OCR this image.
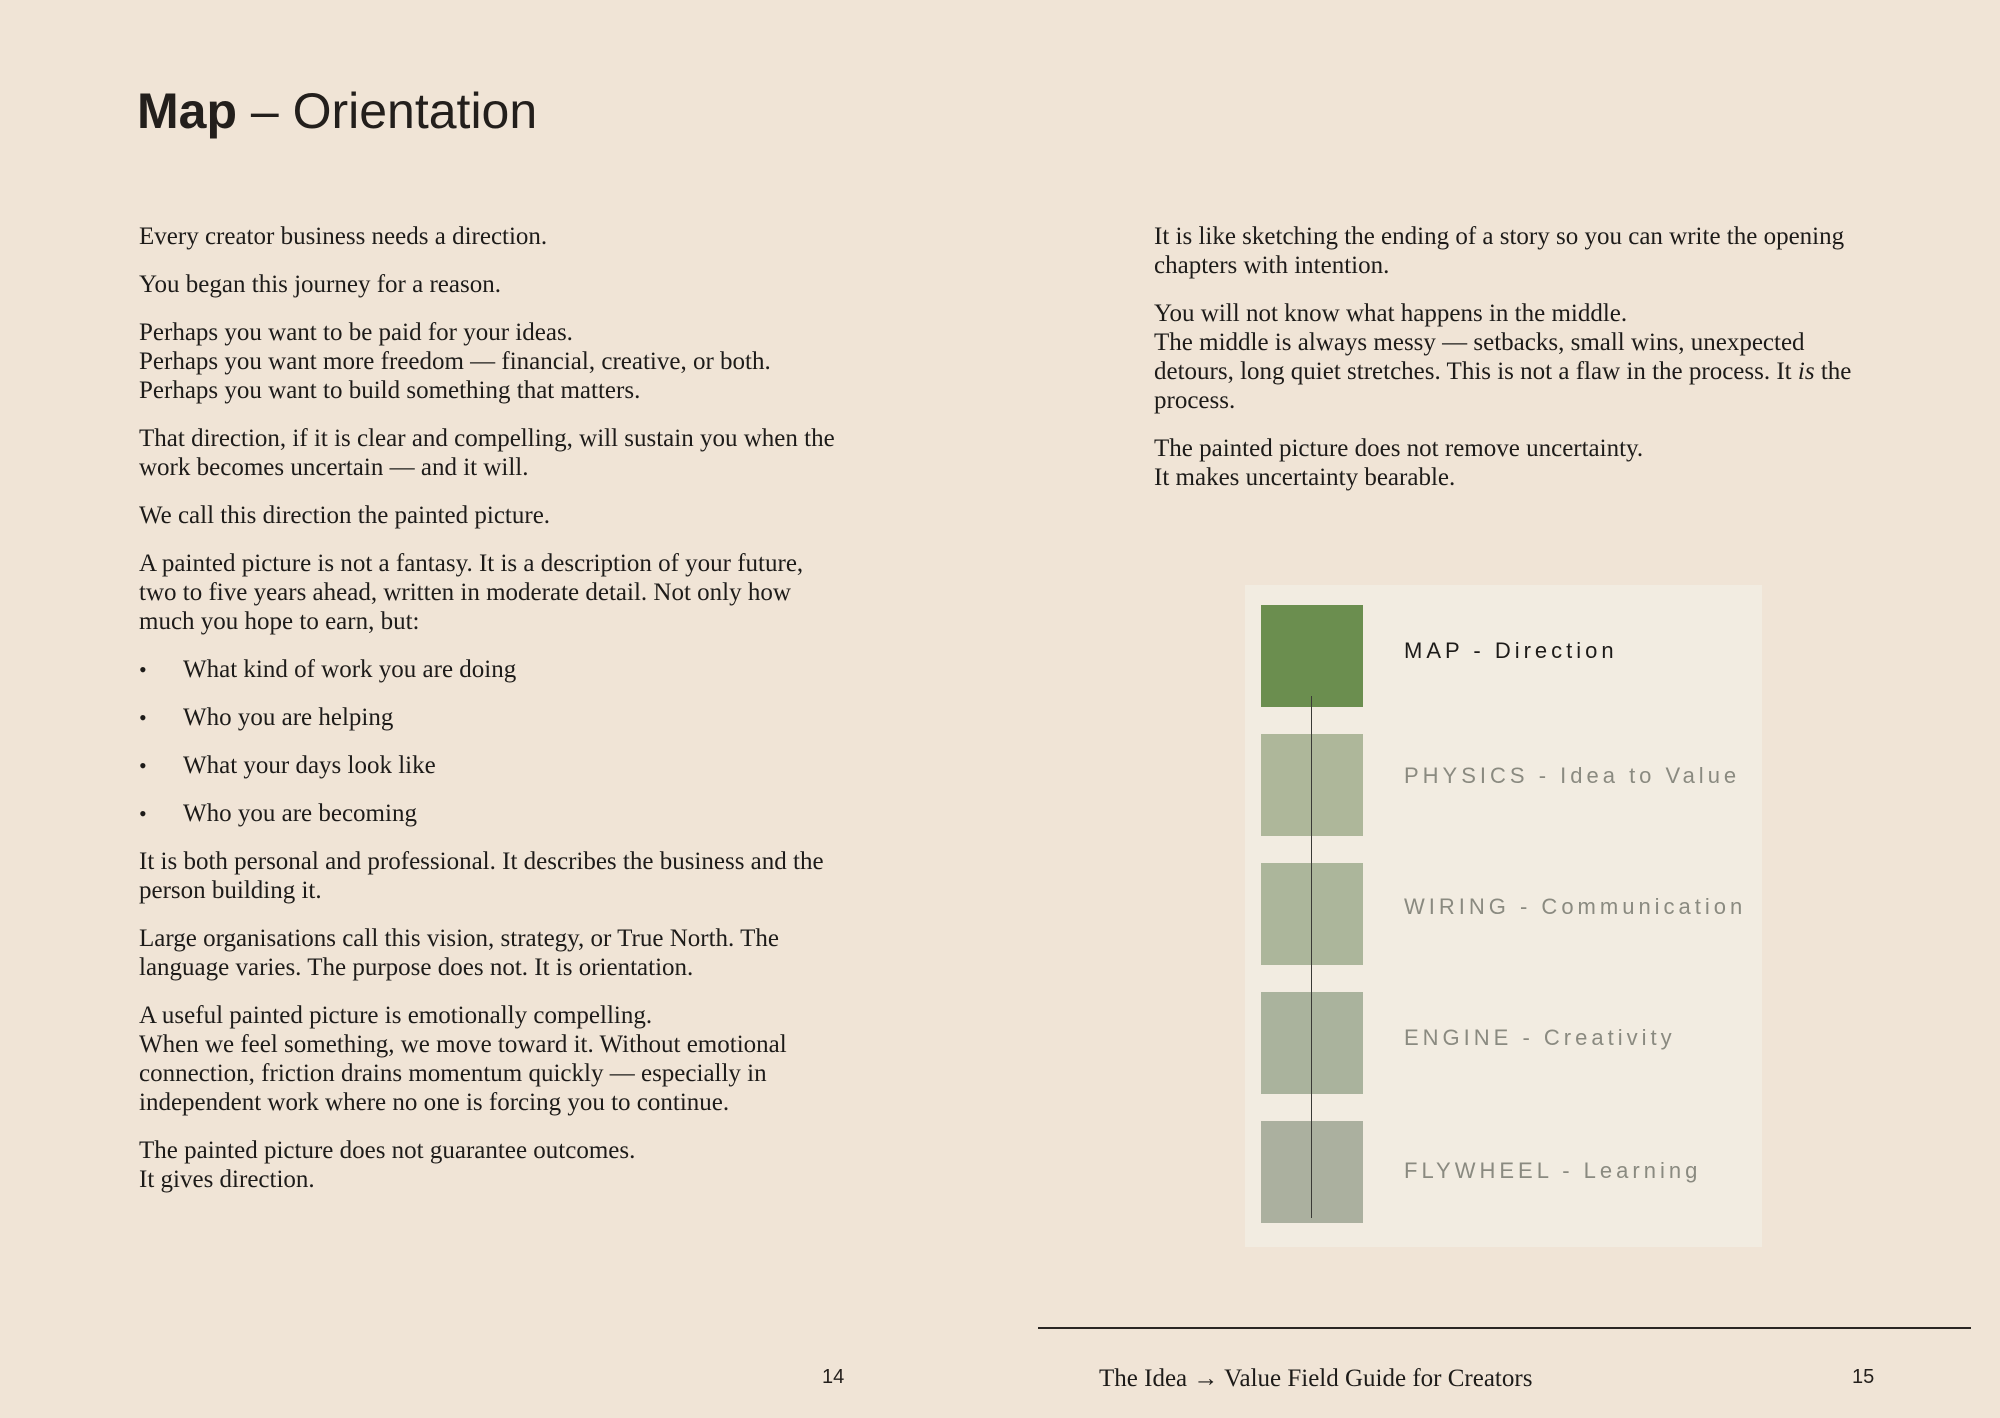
Map – Orientation

Every creator business needs a direction.

You began this journey for a reason.

Perhaps you want to be paid for your ideas.
Perhaps you want more freedom — financial, creative, or both.
Perhaps you want to build something that matters.

That direction, if it is clear and compelling, will sustain you when the
work becomes uncertain — and it will.

We call this direction the painted picture.

A painted picture is not a fantasy. It is a description of your future,
two to five years ahead, written in moderate detail. Not only how
much you hope to earn, but:

•	What kind of work you are doing
•	Who you are helping
•	What your days look like
•	Who you are becoming

It is both personal and professional. It describes the business and the
person building it.

Large organisations call this vision, strategy, or True North. The
language varies. The purpose does not. It is orientation.

A useful painted picture is emotionally compelling.
When we feel something, we move toward it. Without emotional
connection, friction drains momentum quickly — especially in
independent work where no one is forcing you to continue.

The painted picture does not guarantee outcomes.
It gives direction.

It is like sketching the ending of a story so you can write the opening
chapters with intention.

You will not know what happens in the middle.
The middle is always messy — setbacks, small wins, unexpected
detours, long quiet stretches. This is not a flaw in the process. It is the
process.

The painted picture does not remove uncertainty.
It makes uncertainty bearable.

MAP - Direction
PHYSICS - Idea to Value
WIRING - Communication
ENGINE - Creativity
FLYWHEEL - Learning
14	The Idea → Value Field Guide for Creators	15
